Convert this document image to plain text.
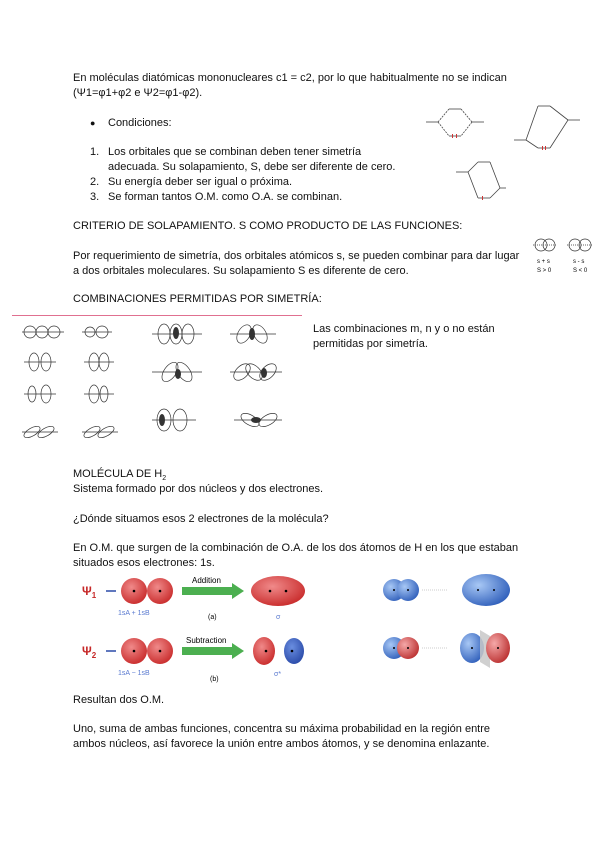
En moléculas diatómicas mononucleares c1 = c2, por lo que habitualmente no se indican
(Ψ1=φ1+φ2 e Ψ2=φ1-φ2).
● Condiciones:
1. Los orbitales que se combinan deben tener simetría
adecuada. Su solapamiento, S, debe ser diferente de cero.
2. Su energía deber ser igual o próxima.
3. Se forman tantos O.M. como O.A. se combinan.
CRITERIO DE SOLAPAMIENTO. S COMO PRODUCTO DE LAS FUNCIONES:
Por requerimiento de simetría, dos orbitales atómicos s, se pueden combinar para dar lugar
a dos orbitales moleculares. Su solapamiento S es diferente de cero.
s + s
S > 0
s - s
S < 0
COMBINACIONES PERMITIDAS POR SIMETRÍA:
Las combinaciones m, n y o no están
permitidas por simetría.
MOLÉCULA DE $H_2$
Sistema formado por dos núcleos y dos electrones.
¿Dónde situamos esos 2 electrones de la molécula?
En O.M. que surgen de la combinación de O.A. de los dos átomos de H en los que estaban
situados esos electrones: 1s.
$\Psi_1$
1sA + 1sB
Addition
σ
(a)
$\Psi_2$
1sA − 1sB
Subtraction
σ*
(b)
Resultan dos O.M.
Uno, suma de ambas funciones, concentra su máxima probabilidad en la región entre
ambos núcleos, así favorece la unión entre ambos átomos, y se denomina enlazante.
